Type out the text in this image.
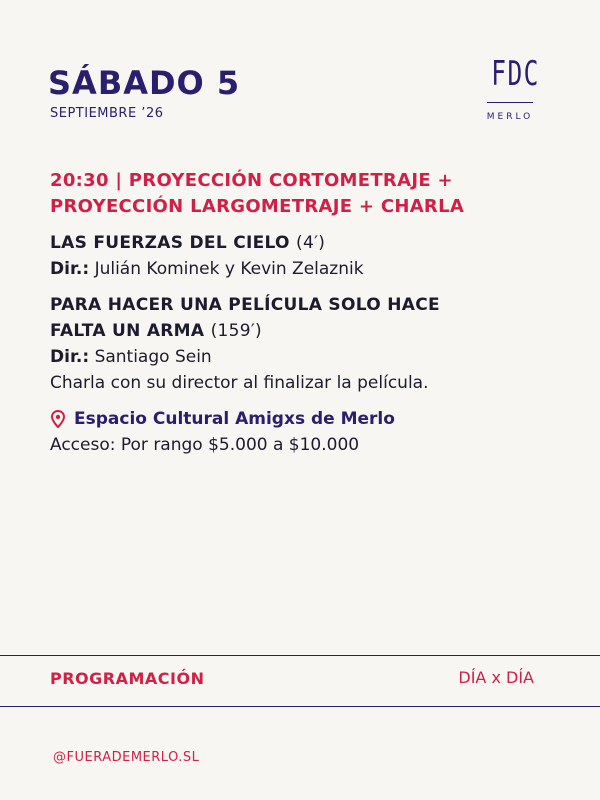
SÁBADO 5
SEPTIEMBRE ’26
FDC
MERLO
20:30 | PROYECCIÓN CORTOMETRAJE +
PROYECCIÓN LARGOMETRAJE + CHARLA
LAS FUERZAS DEL CIELO (4′)
Dir.: Julián Kominek y Kevin Zelaznik
PARA HACER UNA PELÍCULA SOLO HACE
FALTA UN ARMA (159′)
Dir.: Santiago Sein
Charla con su director al finalizar la película.
Espacio Cultural Amigxs de Merlo
Acceso: Por rango $5.000 a $10.000
PROGRAMACIÓN	DÍA x DÍA
@FUERADEMERLO.SL
